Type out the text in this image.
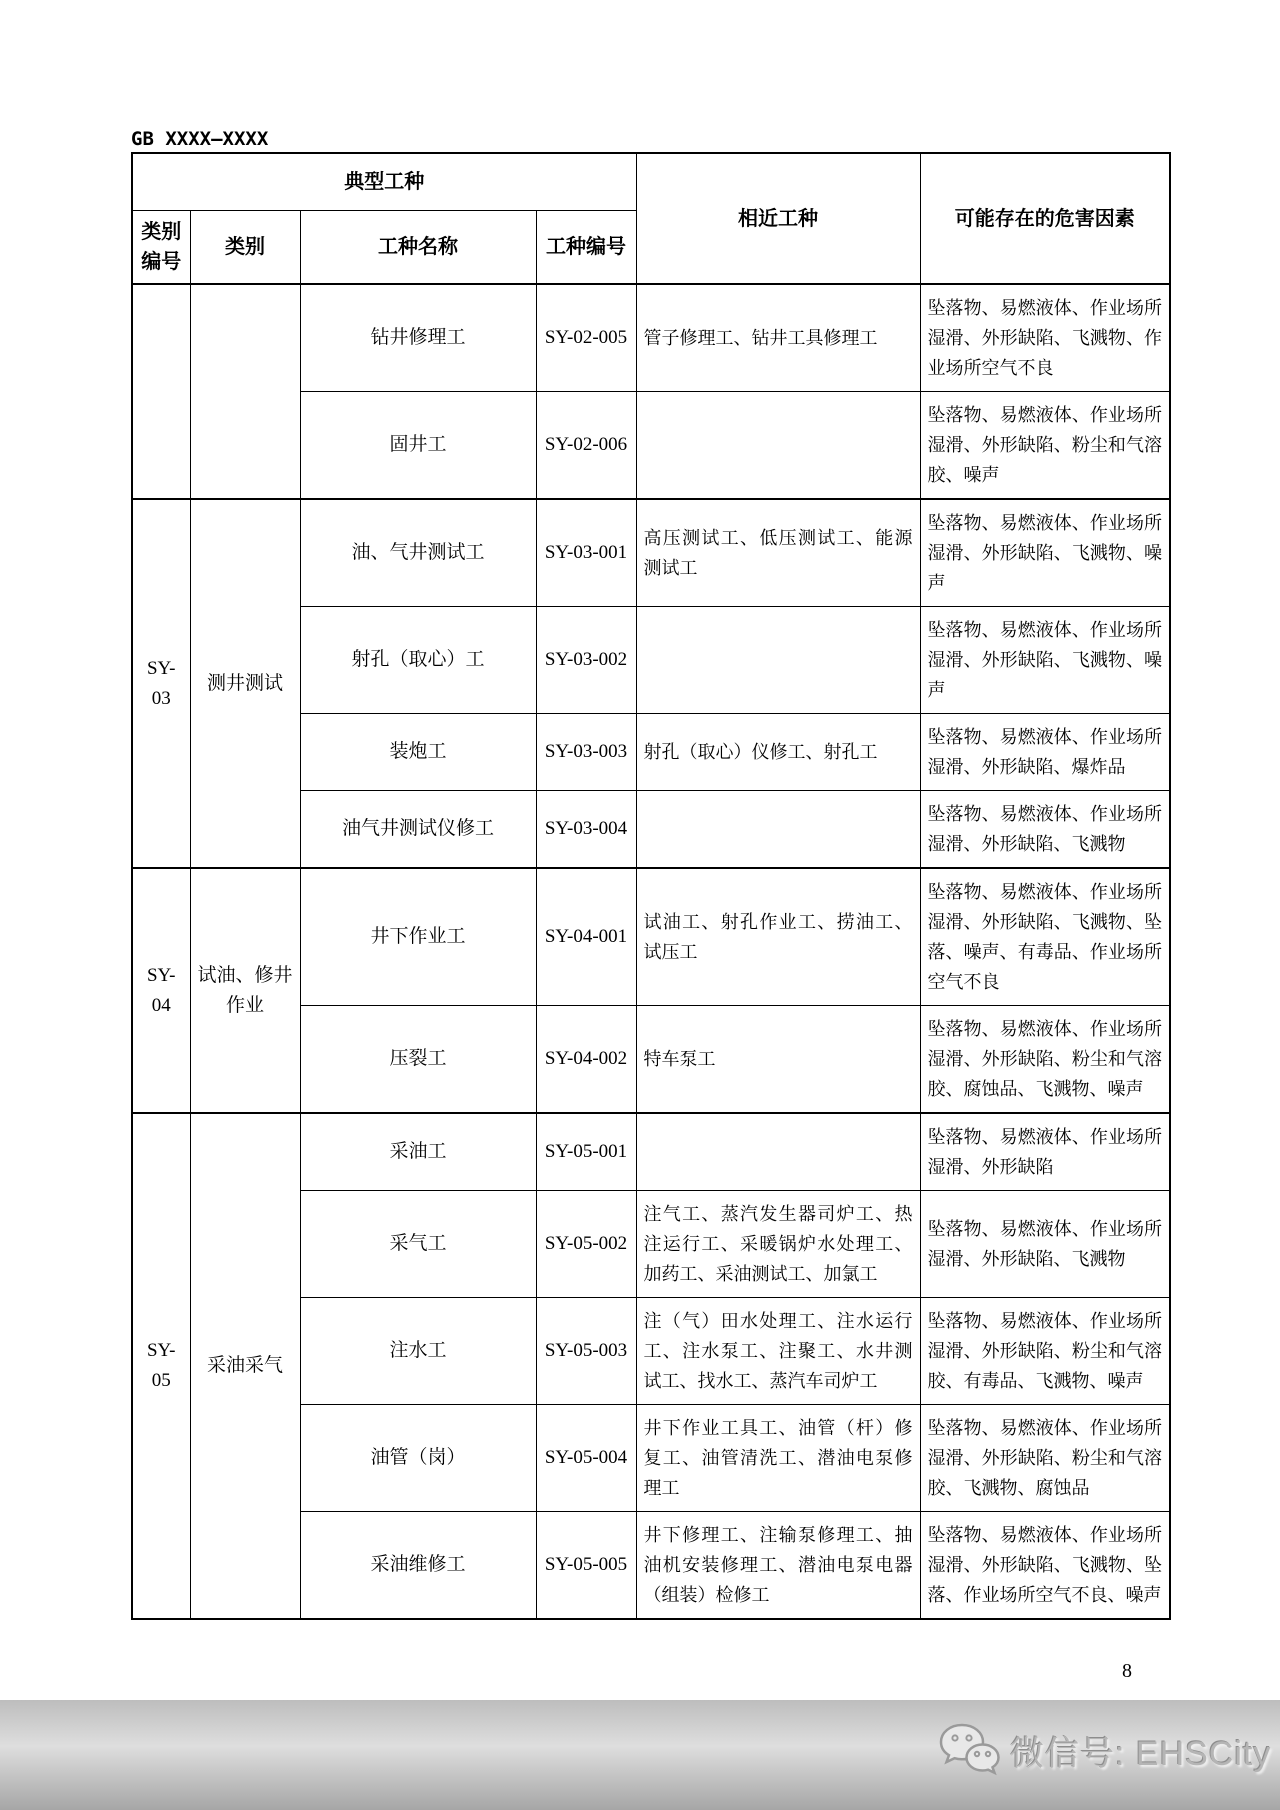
GB XXXX—XXXX
典型工种				相近工种	可能存在的危害因素
类别编号	类别	工种名称	工种编号		
		钻井修理工	SY-02-005	管子修理工、钻井工具修理工	坠落物、易燃液体、作业场所湿滑、外形缺陷、飞溅物、作业场所空气不良
		固井工	SY-02-006		坠落物、易燃液体、作业场所湿滑、外形缺陷、粉尘和气溶胶、噪声
SY-03	测井测试	油、气井测试工	SY-03-001	高压测试工、低压测试工、能源测试工	坠落物、易燃液体、作业场所湿滑、外形缺陷、飞溅物、噪声
		射孔（取心）工	SY-03-002		坠落物、易燃液体、作业场所湿滑、外形缺陷、飞溅物、噪声
		装炮工	SY-03-003	射孔（取心）仪修工、射孔工	坠落物、易燃液体、作业场所湿滑、外形缺陷、爆炸品
		油气井测试仪修工	SY-03-004		坠落物、易燃液体、作业场所湿滑、外形缺陷、飞溅物
SY-04	试油、修井作业	井下作业工	SY-04-001	试油工、射孔作业工、捞油工、试压工	坠落物、易燃液体、作业场所湿滑、外形缺陷、飞溅物、坠落、噪声、有毒品、作业场所空气不良
		压裂工	SY-04-002	特车泵工	坠落物、易燃液体、作业场所湿滑、外形缺陷、粉尘和气溶胶、腐蚀品、飞溅物、噪声
SY-05	采油采气	采油工	SY-05-001		坠落物、易燃液体、作业场所湿滑、外形缺陷
		采气工	SY-05-002	注气工、蒸汽发生器司炉工、热注运行工、采暖锅炉水处理工、加药工、采油测试工、加氯工	坠落物、易燃液体、作业场所湿滑、外形缺陷、飞溅物
		注水工	SY-05-003	注（气）田水处理工、注水运行工、注水泵工、注聚工、水井测试工、找水工、蒸汽车司炉工	坠落物、易燃液体、作业场所湿滑、外形缺陷、粉尘和气溶胶、有毒品、飞溅物、噪声
		油管（岗）	SY-05-004	井下作业工具工、油管（杆）修复工、油管清洗工、潜油电泵修理工	坠落物、易燃液体、作业场所湿滑、外形缺陷、粉尘和气溶胶、飞溅物、腐蚀品
		采油维修工	SY-05-005	井下修理工、注输泵修理工、抽油机安装修理工、潜油电泵电器（组装）检修工	坠落物、易燃液体、作业场所湿滑、外形缺陷、飞溅物、坠落、作业场所空气不良、噪声
8
微信号: EHSCity
